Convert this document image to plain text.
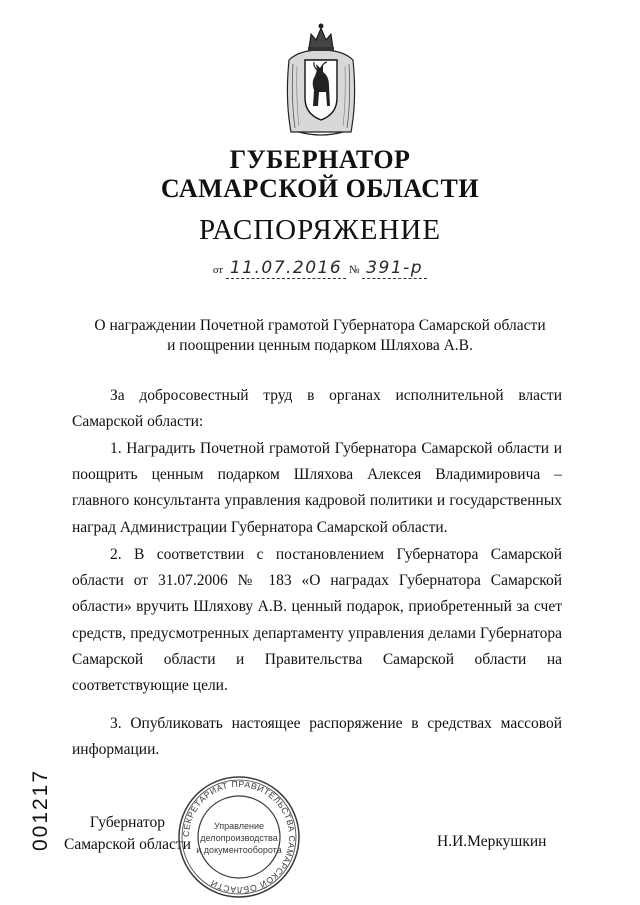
ГУБЕРНАТОР
САМАРСКОЙ ОБЛАСТИ
РАСПОРЯЖЕНИЕ
от 11.07.2016 № 391-р
О награждении Почетной грамотой Губернатора Самарской области
и поощрении ценным подарком Шляхова А.В.
За добросовестный труд в органах исполнительной власти Самарской области:
1. Наградить Почетной грамотой Губернатора Самарской области и поощрить ценным подарком Шляхова Алексея Владимировича – главного консультанта управления кадровой политики и государственных наград Администрации Губернатора Самарской области.
2. В соответствии с постановлением Губернатора Самарской области от 31.07.2006 № 183 «О наградах Губернатора Самарской области» вручить Шляхову А.В. ценный подарок, приобретенный за счет средств, предусмотренных департаменту управления делами Губернатора Самарской области и Правительства Самарской области на соответствующие цели.
3. Опубликовать настоящее распоряжение в средствах массовой информации.
001217	Губернатор
Самарской области
СЕКРЕТАРИАТ ПРАВИТЕЛЬСТВА САМАРСКОЙ ОБЛАСТИ
Управление
делопроизводства
и документооборота	Н.И.Меркушкин
